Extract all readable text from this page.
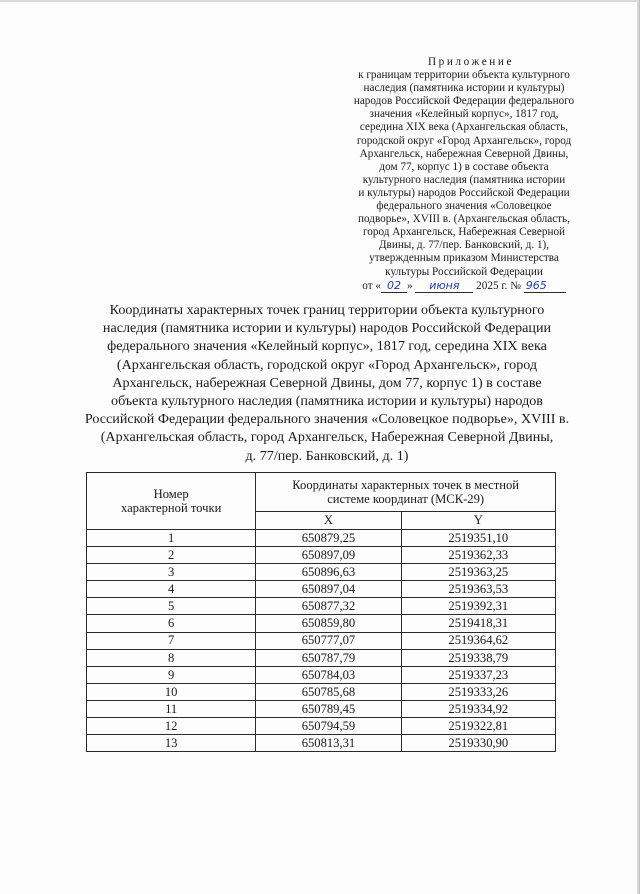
Приложение
к границам территории объекта культурного
наследия (памятника истории и культуры)
народов Российской Федерации федерального
значения «Келейный корпус», 1817 год,
середина XIX века (Архангельская область,
городской округ «Город Архангельск», город
Архангельск, набережная Северной Двины,
дом 77, корпус 1) в составе объекта
культурного наследия (памятника истории
и культуры) народов Российской Федерации
федерального значения «Соловецкое
подворье», XVIII в. (Архангельская область,
город Архангельск, Набережная Северной
Двины, д. 77/пер. Банковский, д. 1),
утвержденным приказом Министерства
культуры Российской Федерации
от « 02 » июня 2025 г. № 965
Координаты характерных точек границ территории объекта культурного
наследия (памятника истории и культуры) народов Российской Федерации
федерального значения «Келейный корпус», 1817 год, середина XIX века
(Архангельская область, городской округ «Город Архангельск», город
Архангельск, набережная Северной Двины, дом 77, корпус 1) в составе
объекта культурного наследия (памятника истории и культуры) народов
Российской Федерации федерального значения «Соловецкое подворье», XVIII в.
(Архангельская область, город Архангельск, Набережная Северной Двины,
д. 77/пер. Банковский, д. 1)
Номер
характерной точки	Координаты характерных точек в местной
системе координат (МСК-29)	
	X	Y
1	650879,25	2519351,10
2	650897,09	2519362,33
3	650896,63	2519363,25
4	650897,04	2519363,53
5	650877,32	2519392,31
6	650859,80	2519418,31
7	650777,07	2519364,62
8	650787,79	2519338,79
9	650784,03	2519337,23
10	650785,68	2519333,26
11	650789,45	2519334,92
12	650794,59	2519322,81
13	650813,31	2519330,90
